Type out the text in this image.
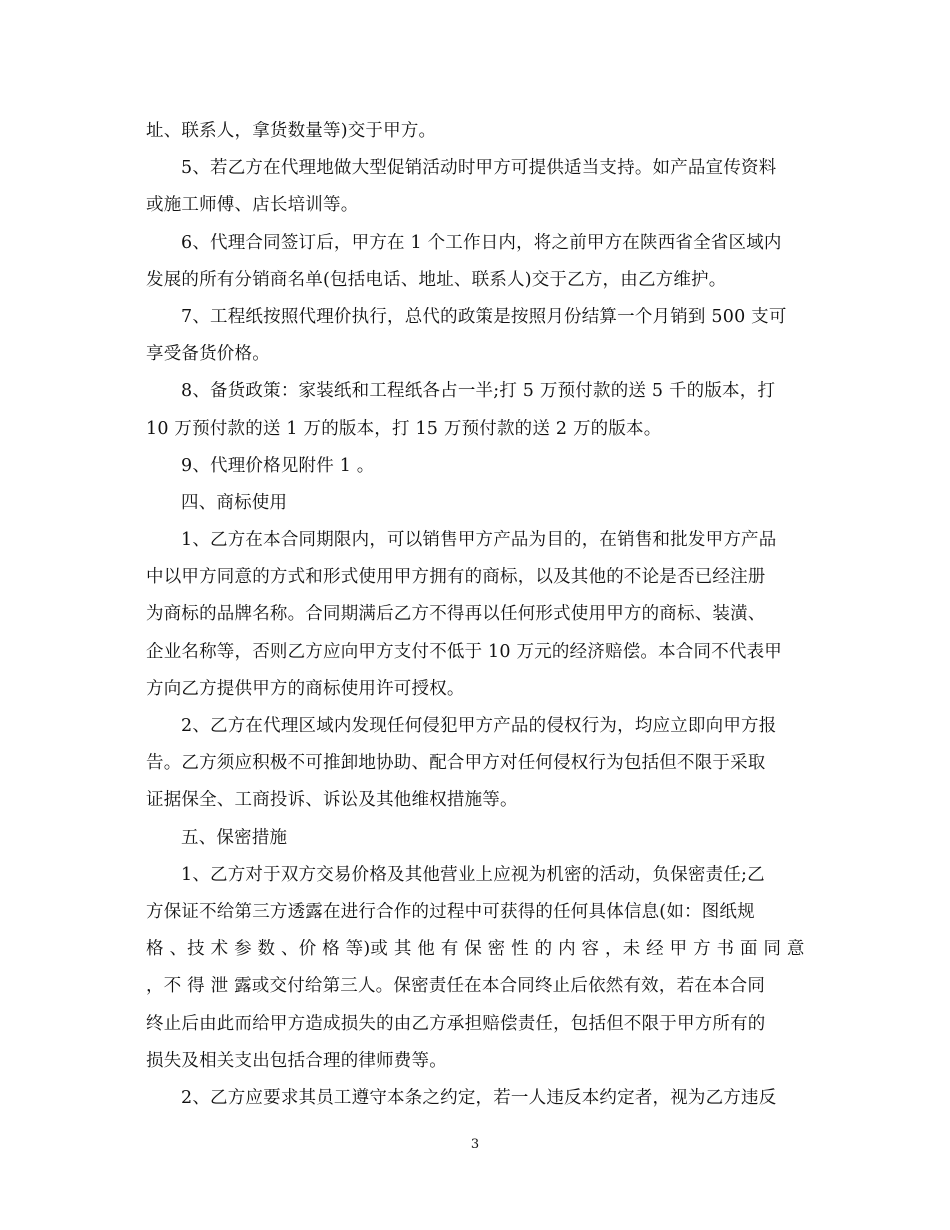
址、联系人，拿货数量等)交于甲方。
5、若乙方在代理地做大型促销活动时甲方可提供适当支持。如产品宣传资料
或施工师傅、店长培训等。
6、代理合同签订后，甲方在 1 个工作日内，将之前甲方在陕西省全省区域内
发展的所有分销商名单(包括电话、地址、联系人)交于乙方，由乙方维护。
7、工程纸按照代理价执行，总代的政策是按照月份结算一个月销到 500 支可
享受备货价格。
8、备货政策：家装纸和工程纸各占一半;打 5 万预付款的送 5 千的版本，打
10 万预付款的送 1 万的版本，打 15 万预付款的送 2 万的版本。
9、代理价格见附件 1 。
四、商标使用
1、乙方在本合同期限内，可以销售甲方产品为目的，在销售和批发甲方产品
中以甲方同意的方式和形式使用甲方拥有的商标，以及其他的不论是否已经注册
为商标的品牌名称。合同期满后乙方不得再以任何形式使用甲方的商标、装潢、
企业名称等，否则乙方应向甲方支付不低于 10 万元的经济赔偿。本合同不代表甲
方向乙方提供甲方的商标使用许可授权。
2、乙方在代理区域内发现任何侵犯甲方产品的侵权行为，均应立即向甲方报
告。乙方须应积极不可推卸地协助、配合甲方对任何侵权行为包括但不限于采取
证据保全、工商投诉、诉讼及其他维权措施等。
五、保密措施
1、乙方对于双方交易价格及其他营业上应视为机密的活动，负保密责任;乙
方保证不给第三方透露在进行合作的过程中可获得的任何具体信息(如：图纸规
格 、技 术 参 数 、价 格 等)或 其 他 有 保 密 性 的 内 容 ，未 经 甲 方 书 面 同 意
，不 得 泄 露或交付给第三人。保密责任在本合同终止后依然有效，若在本合同
终止后由此而给甲方造成损失的由乙方承担赔偿责任，包括但不限于甲方所有的
损失及相关支出包括合理的律师费等。
2、乙方应要求其员工遵守本条之约定，若一人违反本约定者，视为乙方违反
3
